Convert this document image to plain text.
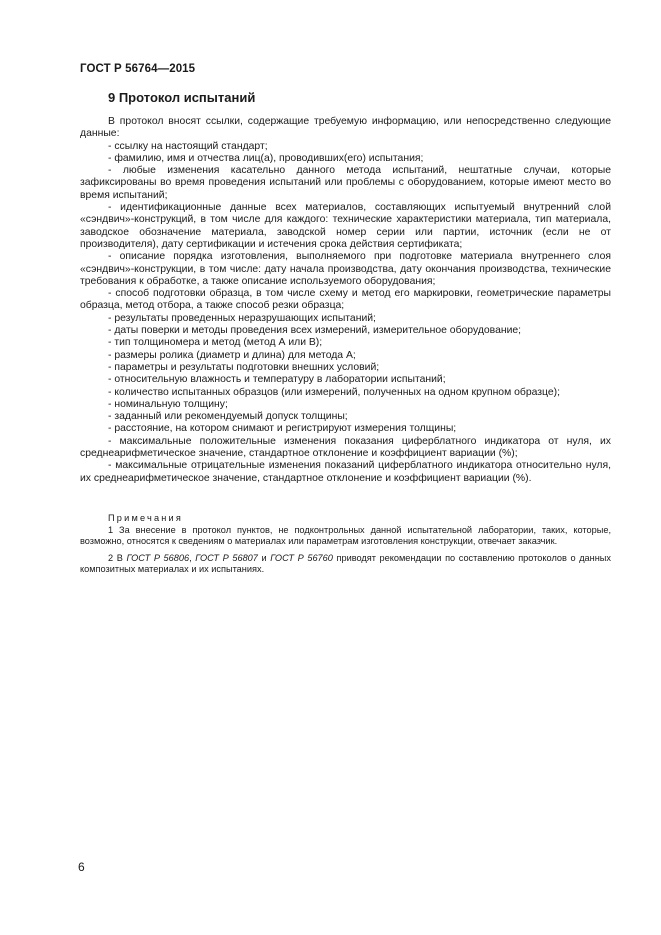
ГОСТ Р 56764—2015
9 Протокол испытаний

В протокол вносят ссылки, содержащие требуемую информацию, или непосредственно следующие данные:

- ссылку на настоящий стандарт;

- фамилию, имя и отчества лиц(а), проводивших(его) испытания;

- любые изменения касательно данного метода испытаний, нештатные случаи, которые зафиксированы во время проведения испытаний или проблемы с оборудованием, которые имеют место во время испытаний;

- идентификационные данные всех материалов, составляющих испытуемый внутренний слой «сэндвич»-конструкций, в том числе для каждого: технические характеристики материала, тип материала, заводское обозначение материала, заводской номер серии или партии, источник (если не от производителя), дату сертификации и истечения срока действия сертификата;

- описание порядка изготовления, выполняемого при подготовке материала внутреннего слоя «сэндвич»-конструкции, в том числе: дату начала производства, дату окончания производства, технические требования к обработке, а также описание используемого оборудования;

- способ подготовки образца, в том числе схему и метод его маркировки, геометрические параметры образца, метод отбора, а также способ резки образца;

- результаты проведенных неразрушающих испытаний;

- даты поверки и методы проведения всех измерений, измерительное оборудование;

- тип толщиномера и метод (метод А или В);

- размеры ролика (диаметр и длина) для метода А;

- параметры и результаты подготовки внешних условий;

- относительную влажность и температуру в лаборатории испытаний;

- количество испытанных образцов (или измерений, полученных на одном крупном образце);

- номинальную толщину;

- заданный или рекомендуемый допуск толщины;

- расстояние, на котором снимают и регистрируют измерения толщины;

- максимальные положительные изменения показания циферблатного индикатора от нуля, их среднеарифметическое значение, стандартное отклонение и коэффициент вариации (%);

- максимальные отрицательные изменения показаний циферблатного индикатора относительно нуля, их среднеарифметическое значение, стандартное отклонение и коэффициент вариации (%).

Примечания

1 За внесение в протокол пунктов, не подконтрольных данной испытательной лаборатории, таких, которые, возможно, относятся к сведениям о материалах или параметрам изготовления конструкции, отвечает заказчик.

2 В ГОСТ Р 56806, ГОСТ Р 56807 и ГОСТ Р 56760 приводят рекомендации по составлению протоколов о данных композитных материалах и их испытаниях.

6
